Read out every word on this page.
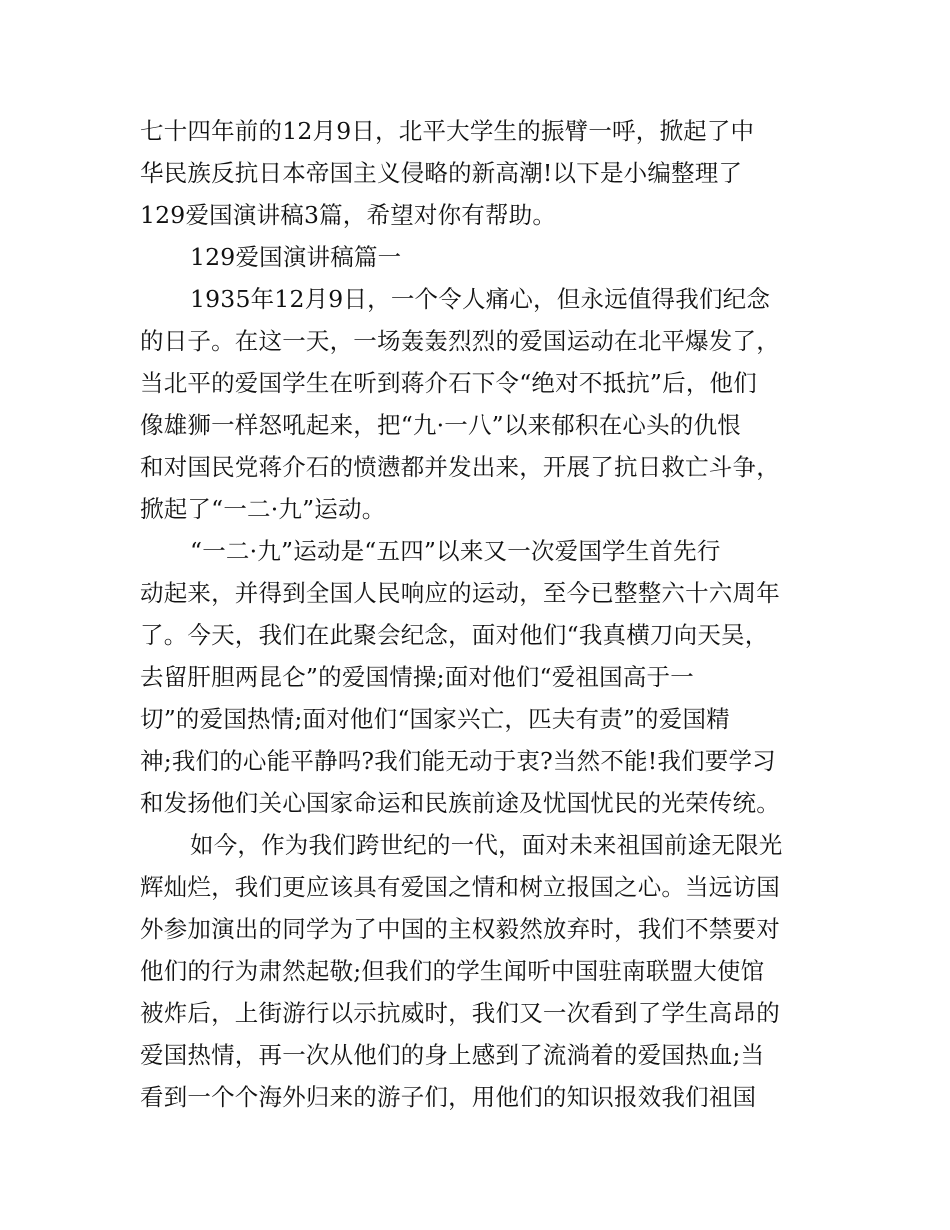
七十四年前的12月9日，北平大学生的振臂一呼，掀起了中
华民族反抗日本帝国主义侵略的新高潮!以下是小编整理了
129爱国演讲稿3篇，希望对你有帮助。
129爱国演讲稿篇一
1935年12月9日，一个令人痛心，但永远值得我们纪念
的日子。在这一天，一场轰轰烈烈的爱国运动在北平爆发了，
当北平的爱国学生在听到蒋介石下令“绝对不抵抗”后，他们
像雄狮一样怒吼起来，把“九·一八”以来郁积在心头的仇恨
和对国民党蒋介石的愤懑都并发出来，开展了抗日救亡斗争，
掀起了“一二·九”运动。
“一二·九”运动是“五四”以来又一次爱国学生首先行
动起来，并得到全国人民响应的运动，至今已整整六十六周年
了。今天，我们在此聚会纪念，面对他们“我真横刀向天吴，
去留肝胆两昆仑”的爱国情操;面对他们“爱祖国高于一
切”的爱国热情;面对他们“国家兴亡，匹夫有责”的爱国精
神;我们的心能平静吗?我们能无动于衷?当然不能!我们要学习
和发扬他们关心国家命运和民族前途及忧国忧民的光荣传统。
如今，作为我们跨世纪的一代，面对未来祖国前途无限光
辉灿烂，我们更应该具有爱国之情和树立报国之心。当远访国
外参加演出的同学为了中国的主权毅然放弃时，我们不禁要对
他们的行为肃然起敬;但我们的学生闻听中国驻南联盟大使馆
被炸后，上街游行以示抗威时，我们又一次看到了学生高昂的
爱国热情，再一次从他们的身上感到了流淌着的爱国热血;当
看到一个个海外归来的游子们，用他们的知识报效我们祖国
